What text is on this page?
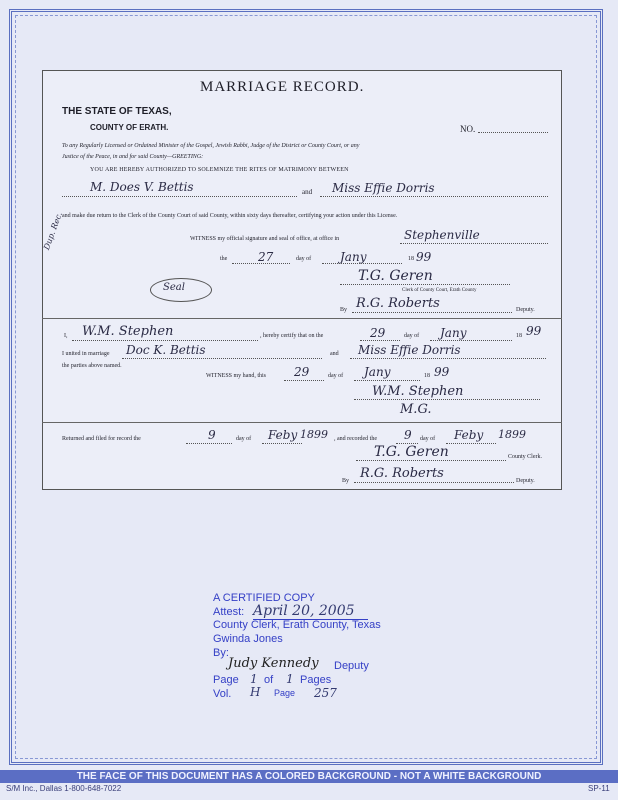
MARRIAGE RECORD.
THE STATE OF TEXAS,
COUNTY OF ERATH.	NO.
To any Regularly Licensed or Ordained Minister of the Gospel, Jewish Rabbi, Judge of the District or County Court, or any
Justice of the Peace, in and for said County—GREETING:
YOU ARE HEREBY AUTHORIZED TO SOLEMNIZE THE RITES OF MATRIMONY BETWEEN
M. Does V. Bettis	and Miss Effie Dorris
and make due return to the Clerk of the County Court of said County, within sixty days thereafter, certifying your action under this License.
WITNESS my official signature and seal of office, at office in	Stephenville
the	27	day of Jany	18 99
T.G. Geren
Clerk of County Court, Erath County
By R.G. Roberts	Deputy.
Seal
Dup. Rec.
I, W.M. Stephen	, hereby certify that on the	29	day of Jany	18 99
I united in marriage Doc K. Bettis	and Miss Effie Dorris
the parties above named.
WITNESS my hand, this 29	day of Jany	18 99
W.M. Stephen
M.G.
Returned and filed for record the	9	day of Feby 1899 , and recorded the 9 day of Feby 1899
T.G. Geren	County Clerk.
By R.G. Roberts	Deputy.
A CERTIFIED COPY
Attest: April 20, 2005
County Clerk, Erath County, Texas
Gwinda Jones
By:
Judy Kennedy Deputy
Page 1 of 1 Pages
Vol. H Page 257
THE FACE OF THIS DOCUMENT HAS A COLORED BACKGROUND - NOT A WHITE BACKGROUND
S/M Inc., Dallas 1-800-648-7022	SP-11
